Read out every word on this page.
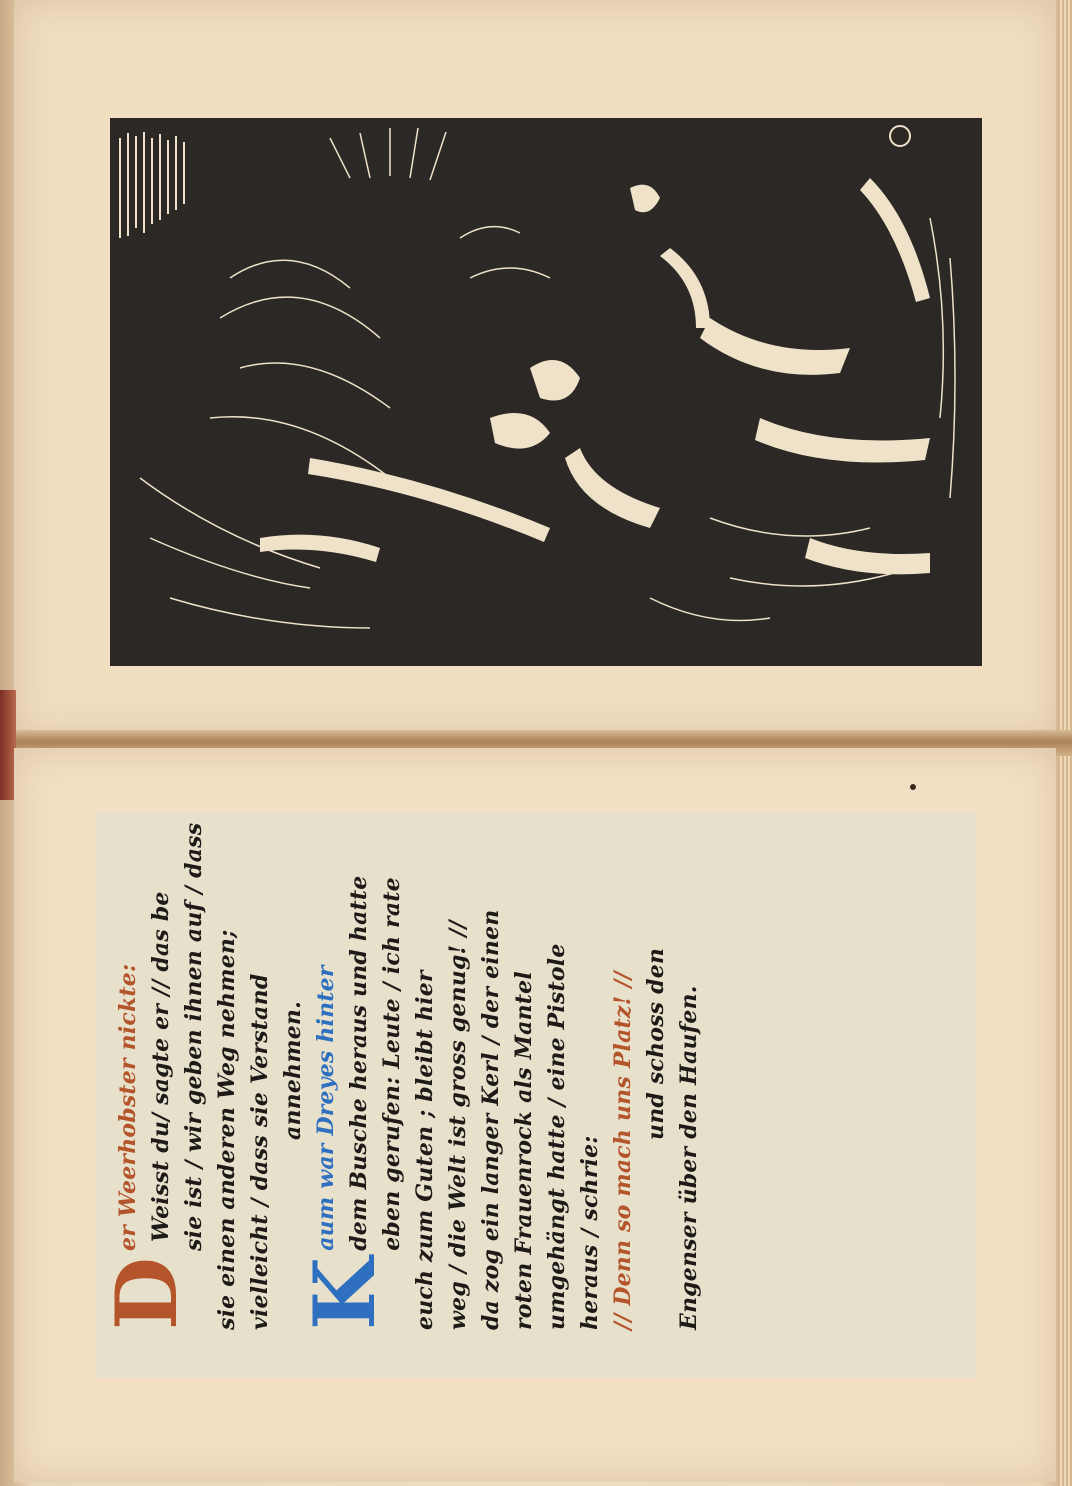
D
er Weerhobster nickte: Weisst du/ sagte er // das be sie ist / wir geben ihnen auf / dass sie einen anderen Weg nehmen; vielleicht / dass sie Verstand annehmen.
K
aum war Dreyes hinter dem Busche heraus und hatte eben gerufen: Leute / ich rate euch zum Guten ; bleibt hier weg / die Welt ist gross genug! // da zog ein langer Kerl / der einen roten Frauenrock als Mantel umgehängt hatte / eine Pistole heraus / schrie: // Denn so mach uns Platz! // und schoss den Engenser über den Haufen.
